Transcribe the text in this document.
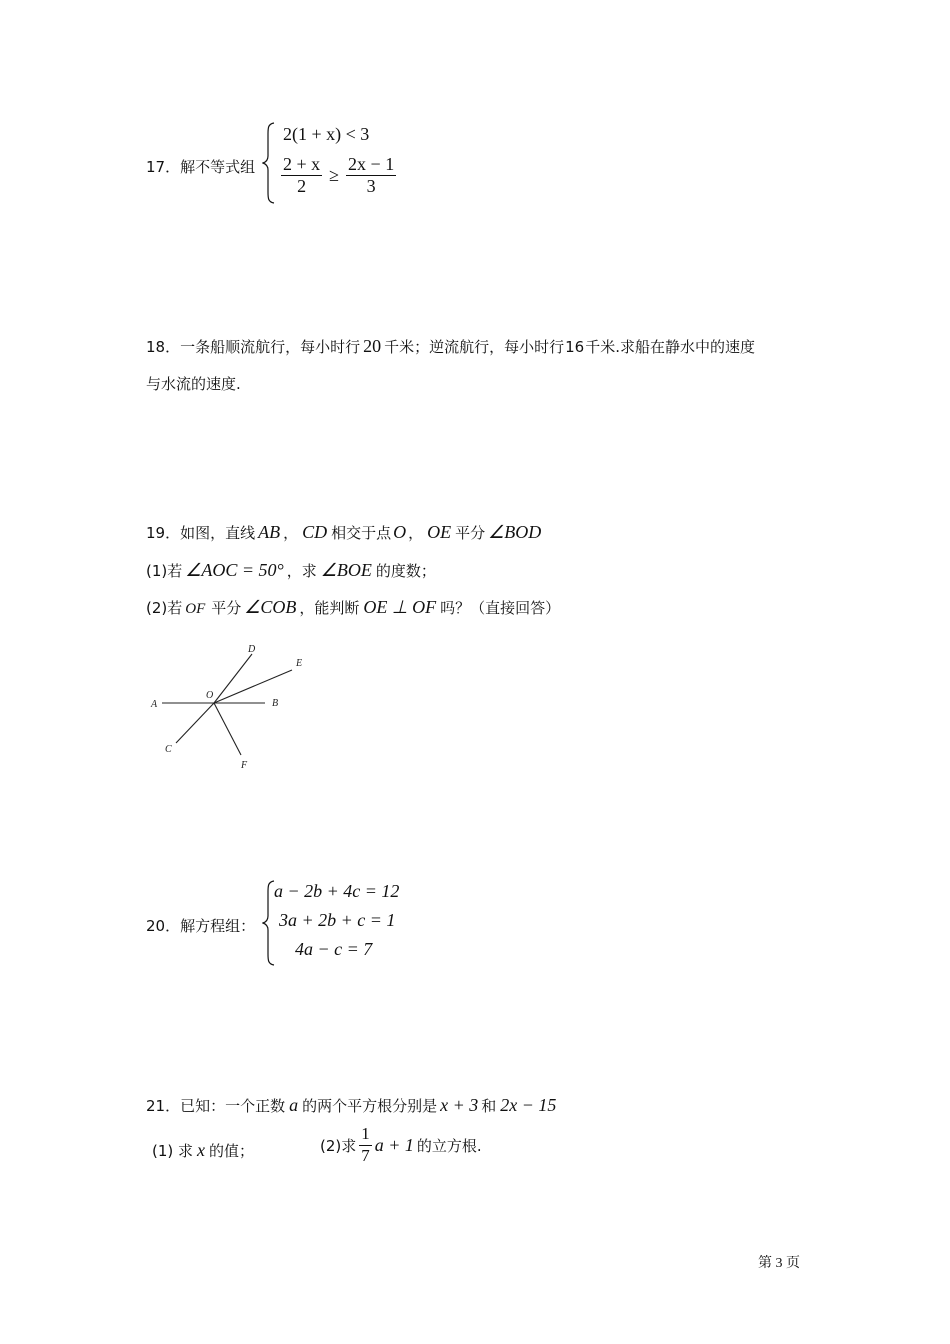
17．解不等式组
2(1 + x) < 3
$\frac{2 + x}{2} \ge \frac{2x - 1}{3}$
18．一条船顺流航行，每小时行 20 千米；逆流航行，每小时行 16 千米.求船在静水中的速度
与水流的速度.
19．如图，直线 AB ， CD 相交于点 O ， OE 平分 ∠BOD
(1)若 ∠AOC = 50° ，求 ∠BOE 的度数；
(2)若 OF 平分 ∠COB ，能判断 OE ⊥ OF 吗？（直接回答）
A	B
C
D
E
F
O
20．解方程组：
a − 2b + 4c = 12
3a + 2b + c = 1
4a − c = 7
21．已知：一个正数 a 的两个平方根分别是 x + 3 和 2x − 15
(1) 求 x 的值；	(2)求 $\frac{1}{7}$ a + 1 的立方根.
第 3 页
